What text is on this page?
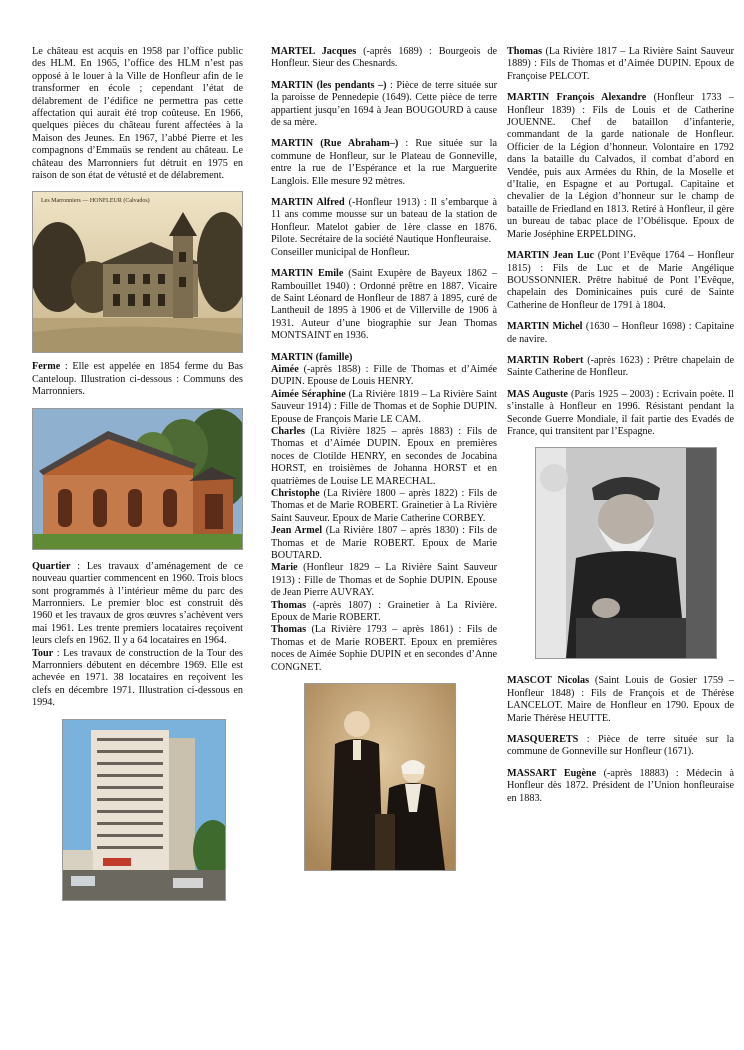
Le château est acquis en 1958 par l’office public des HLM. En 1965, l’office des HLM n’est pas opposé à le louer à la Ville de Honfleur afin de le transformer en école ; cependant l’état de délabrement de l’édifice ne permettra pas cette affectation qui aurait été trop coûteuse. En 1966, quelques pièces du château furent affectées à la Maison des Jeunes. En 1967, l’abbé Pierre et les compagnons d’Emmaüs se rendent au château. Le château des Marronniers fut détruit en 1975 en raison de son état de vétusté et de délabrement.

Les Marronniers — HONFLEUR (Calvados)

Ferme : Elle est appelée en 1854 ferme du Bas Canteloup. Illustration ci-dessous : Communs des Marronniers.

Quartier : Les travaux d’aménagement de ce nouveau quartier commencent en 1960. Trois blocs sont programmés à l’intérieur même du parc des Marronniers. Le premier bloc est construit dès 1960 et les travaux de gros œuvres s’achèvent vers mai 1961. Les trente premiers locataires reçoivent leurs clefs en 1962. Il y a 64 locataires en 1964.

Tour : Les travaux de construction de la Tour des Marronniers débutent en décembre 1969. Elle est achevée en 1971. 38 locataires en reçoivent les clefs en décembre 1971. Illustration ci-dessous en 1994.

MARTEL Jacques (-après 1689) : Bourgeois de Honfleur. Sieur des Chesnards.

MARTIN (les pendants –) : Pièce de terre située sur la paroisse de Pennedepie (1649). Cette pièce de terre appartient jusqu’en 1694 à Jean BOUGOURD à cause de sa mère.

MARTIN (Rue Abraham–) : Rue située sur la commune de Honfleur, sur le Plateau de Gonneville, entre la rue de l’Espérance et la rue Marguerite Langlois. Elle mesure 92 mètres.

MARTIN Alfred (-Honfleur 1913) : Il s’embarque à 11 ans comme mousse sur un bateau de la station de Honfleur. Matelot gabier de 1ère classe en 1876. Pilote. Secrétaire de la société Nautique Honfleuraise.

Conseiller municipal de Honfleur.

MARTIN Emile (Saint Exupère de Bayeux 1862 – Rambouillet 1940) : Ordonné prêtre en 1887. Vicaire de Saint Léonard de Honfleur de 1887 à 1895, curé de Lantheuil de 1895 à 1906 et de Villerville de 1906 à 1931. Auteur d’une biographie sur Jean Thomas MONTSAINT en 1936.

MARTIN (famille)

Aimée (-après 1858) : Fille de Thomas et d’Aimée DUPIN. Epouse de Louis HENRY.

Aimée Séraphine (La Rivière 1819 – La Rivière Saint Sauveur 1914) : Fille de Thomas et de Sophie DUPIN. Epouse de François Marie LE CAM.

Charles (La Rivière 1825 – après 1883) : Fils de Thomas et d’Aimée DUPIN. Epoux en premières noces de Clotilde HENRY, en secondes de Jocabina HORST, en troisièmes de Johanna HORST et en quatrièmes de Louise LE MARECHAL.

Christophe (La Rivière 1800 – après 1822) : Fils de Thomas et de Marie ROBERT. Grainetier à La Rivière Saint Sauveur. Epoux de Marie Catherine CORBEY.

Jean Armel (La Rivière 1807 – après 1830) : Fils de Thomas et de Marie ROBERT. Epoux de Marie BOUTARD.

Marie (Honfleur 1829 – La Rivière Saint Sauveur 1913) : Fille de Thomas et de Sophie DUPIN. Epouse de Jean Pierre AUVRAY.

Thomas (-après 1807) : Grainetier à La Rivière. Epoux de Marie ROBERT.

Thomas (La Rivière 1793 – après 1861) : Fils de Thomas et de Marie ROBERT. Epoux en premières noces de Aimée Sophie DUPIN et en secondes d’Anne CONGNET.

Thomas (La Rivière 1817 – La Rivière Saint Sauveur 1889) : Fils de Thomas et d’Aimée DUPIN. Epoux de Françoise PELCOT.

MARTIN François Alexandre (Honfleur 1733 – Honfleur 1839) : Fils de Louis et de Catherine JOUENNE. Chef de bataillon d’infanterie, commandant de la garde nationale de Honfleur. Officier de la Légion d’honneur. Volontaire en 1792 dans la bataille du Calvados, il combat d’abord en Vendée, puis aux Armées du Rhin, de la Moselle et d’Italie, en Espagne et au Portugal. Capitaine et chevalier de la Légion d’honneur sur le champ de bataille de Friedland en 1813. Retiré à Honfleur, il gère un bureau de tabac place de l’Obélisque. Epoux de Marie Joséphine ERPELDING.

MARTIN Jean Luc (Pont l’Evêque 1764 – Honfleur 1815) : Fils de Luc et de Marie Angélique BOUSSONNIER. Prêtre habitué de Pont l’Evêque, chapelain des Dominicaines puis curé de Sainte Catherine de Honfleur de 1791 à 1804.

MARTIN Michel (1630 – Honfleur 1698) : Capitaine de navire.

MARTIN Robert (-après 1623) : Prêtre chapelain de Sainte Catherine de Honfleur.

MAS Auguste (Paris 1925 – 2003) : Ecrivain poète. Il s’installe à Honfleur en 1996. Résistant pendant la Seconde Guerre Mondiale, il fait partie des Evadés de France, qui transitent par l’Espagne.

MASCOT Nicolas (Saint Louis de Gosier 1759 – Honfleur 1848) : Fils de François et de Thérèse LANCELOT. Maire de Honfleur en 1790. Epoux de Marie Thérèse HEUTTE.

MASQUERETS : Pièce de terre située sur la commune de Gonneville sur Honfleur (1671).

MASSART Eugène (-après 18883) : Médecin à Honfleur dès 1872. Président de l’Union honfleuraise en 1883.
